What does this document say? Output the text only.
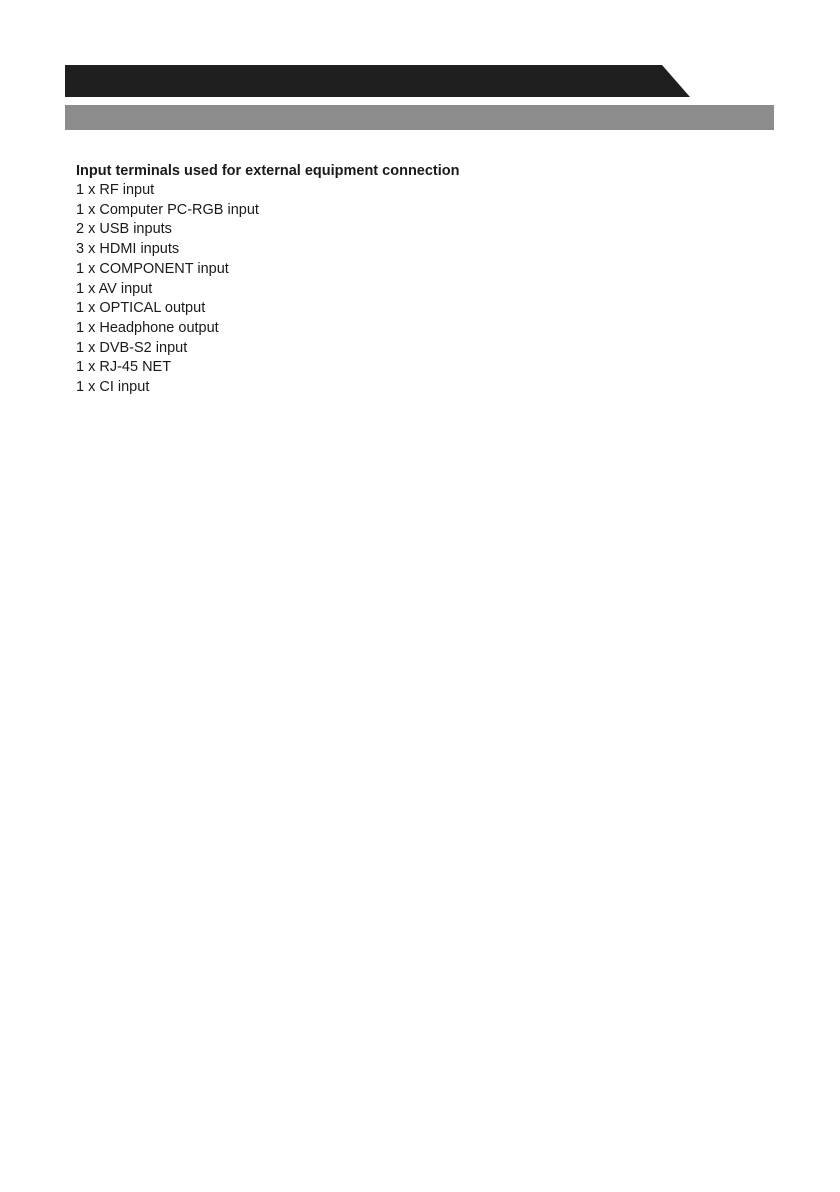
Input terminals used for external equipment connection

1 x RF input
1 x Computer PC-RGB input
2 x USB inputs
3 x HDMI inputs
1 x COMPONENT input
1 x AV input
1 x OPTICAL output
1 x Headphone output
1 x DVB-S2 input
1 x RJ-45 NET
1 x CI input
